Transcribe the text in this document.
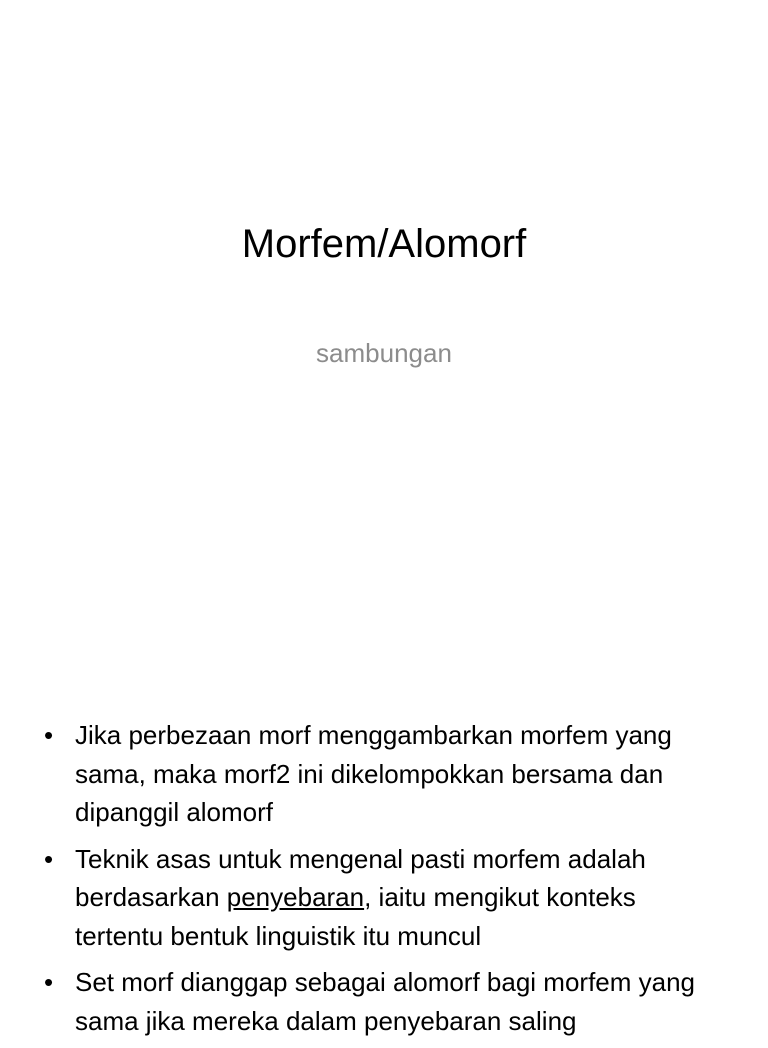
Morfem/Alomorf
sambungan
• Jika perbezaan morf menggambarkan morfem yang sama, maka morf2 ini dikelompokkan bersama dan dipanggil alomorf
• Teknik asas untuk mengenal pasti morfem adalah berdasarkan penyebaran, iaitu mengikut konteks tertentu bentuk linguistik itu muncul
• Set morf dianggap sebagai alomorf bagi morfem yang sama jika mereka dalam penyebaran saling
